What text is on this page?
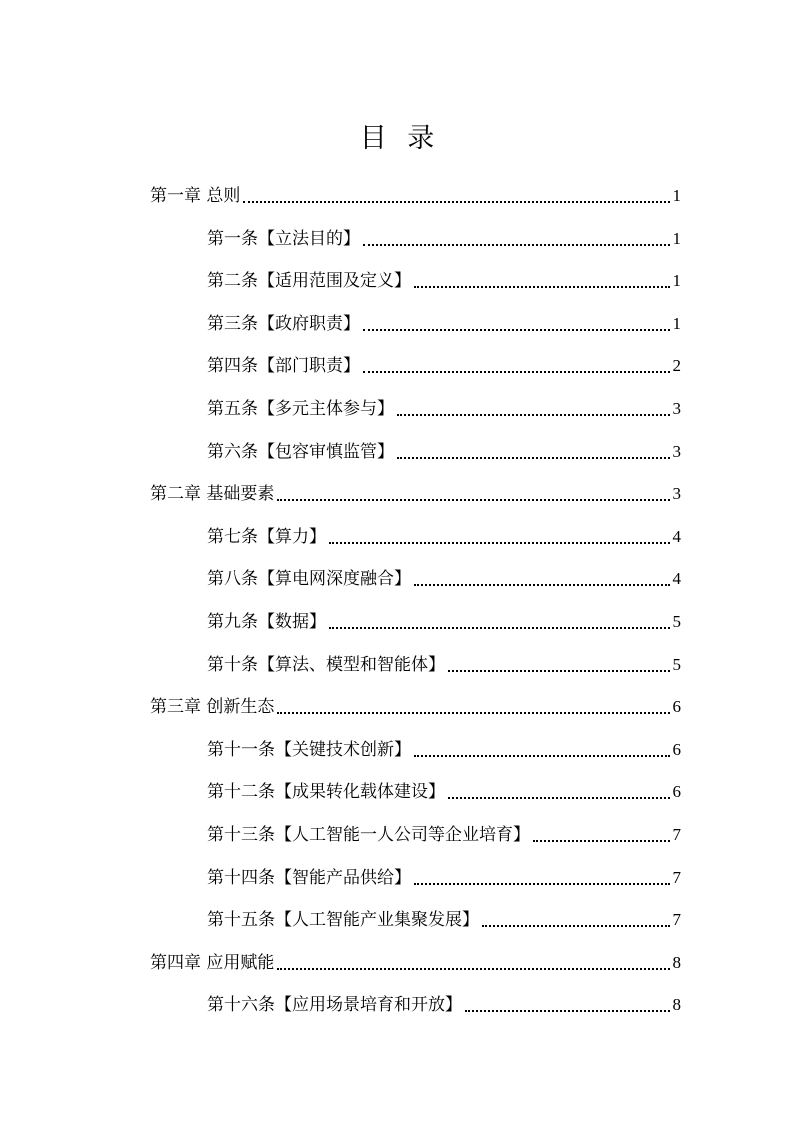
目 录
第一章 总则	1
第一条【立法目的】	1
第二条【适用范围及定义】	1
第三条【政府职责】	1
第四条【部门职责】	2
第五条【多元主体参与】	3
第六条【包容审慎监管】	3
第二章 基础要素	3
第七条【算力】	4
第八条【算电网深度融合】	4
第九条【数据】	5
第十条【算法、模型和智能体】	5
第三章 创新生态	6
第十一条【关键技术创新】	6
第十二条【成果转化载体建设】	6
第十三条【人工智能一人公司等企业培育】	7
第十四条【智能产品供给】	7
第十五条【人工智能产业集聚发展】	7
第四章 应用赋能	8
第十六条【应用场景培育和开放】	8
